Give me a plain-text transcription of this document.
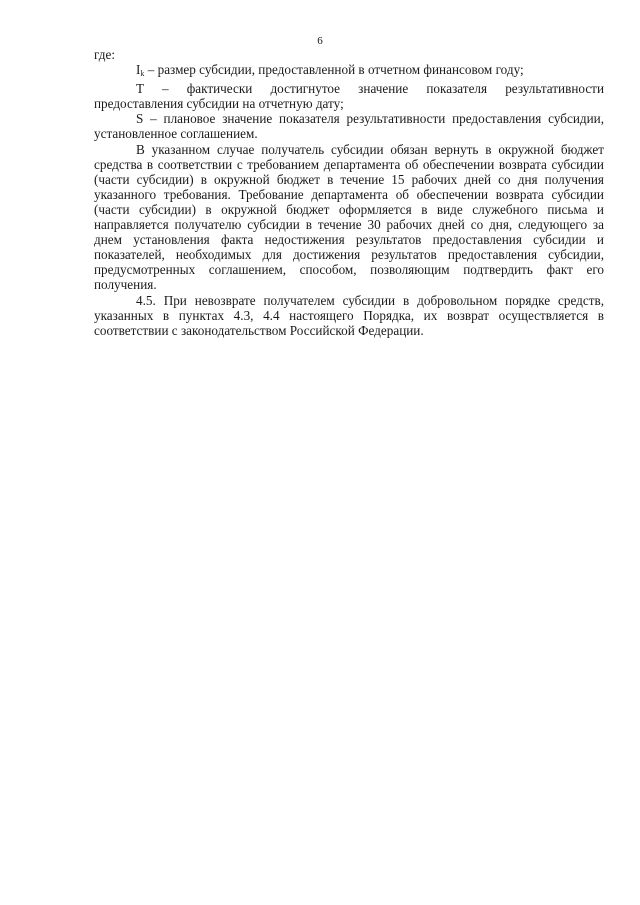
6

где:

$I_k$ – размер субсидии, предоставленной в отчетном финансовом году;

T – фактически достигнутое значение показателя результативности предоставления субсидии на отчетную дату;

S – плановое значение показателя результативности предоставления субсидии, установленное соглашением.

В указанном случае получатель субсидии обязан вернуть в окружной бюджет средства в соответствии с требованием департамента об обеспечении возврата субсидии (части субсидии) в окружной бюджет в течение 15 рабочих дней со дня получения указанного требования. Требование департамента об обеспечении возврата субсидии (части субсидии) в окружной бюджет оформляется в виде служебного письма и направляется получателю субсидии в течение 30 рабочих дней со дня, следующего за днем установления факта недостижения результатов предоставления субсидии и показателей, необходимых для достижения результатов предоставления субсидии, предусмотренных соглашением, способом, позволяющим подтвердить факт его получения.

4.5. При невозврате получателем субсидии в добровольном порядке средств, указанных в пунктах 4.3, 4.4 настоящего Порядка, их возврат осуществляется в соответствии с законодательством Российской Федерации.
